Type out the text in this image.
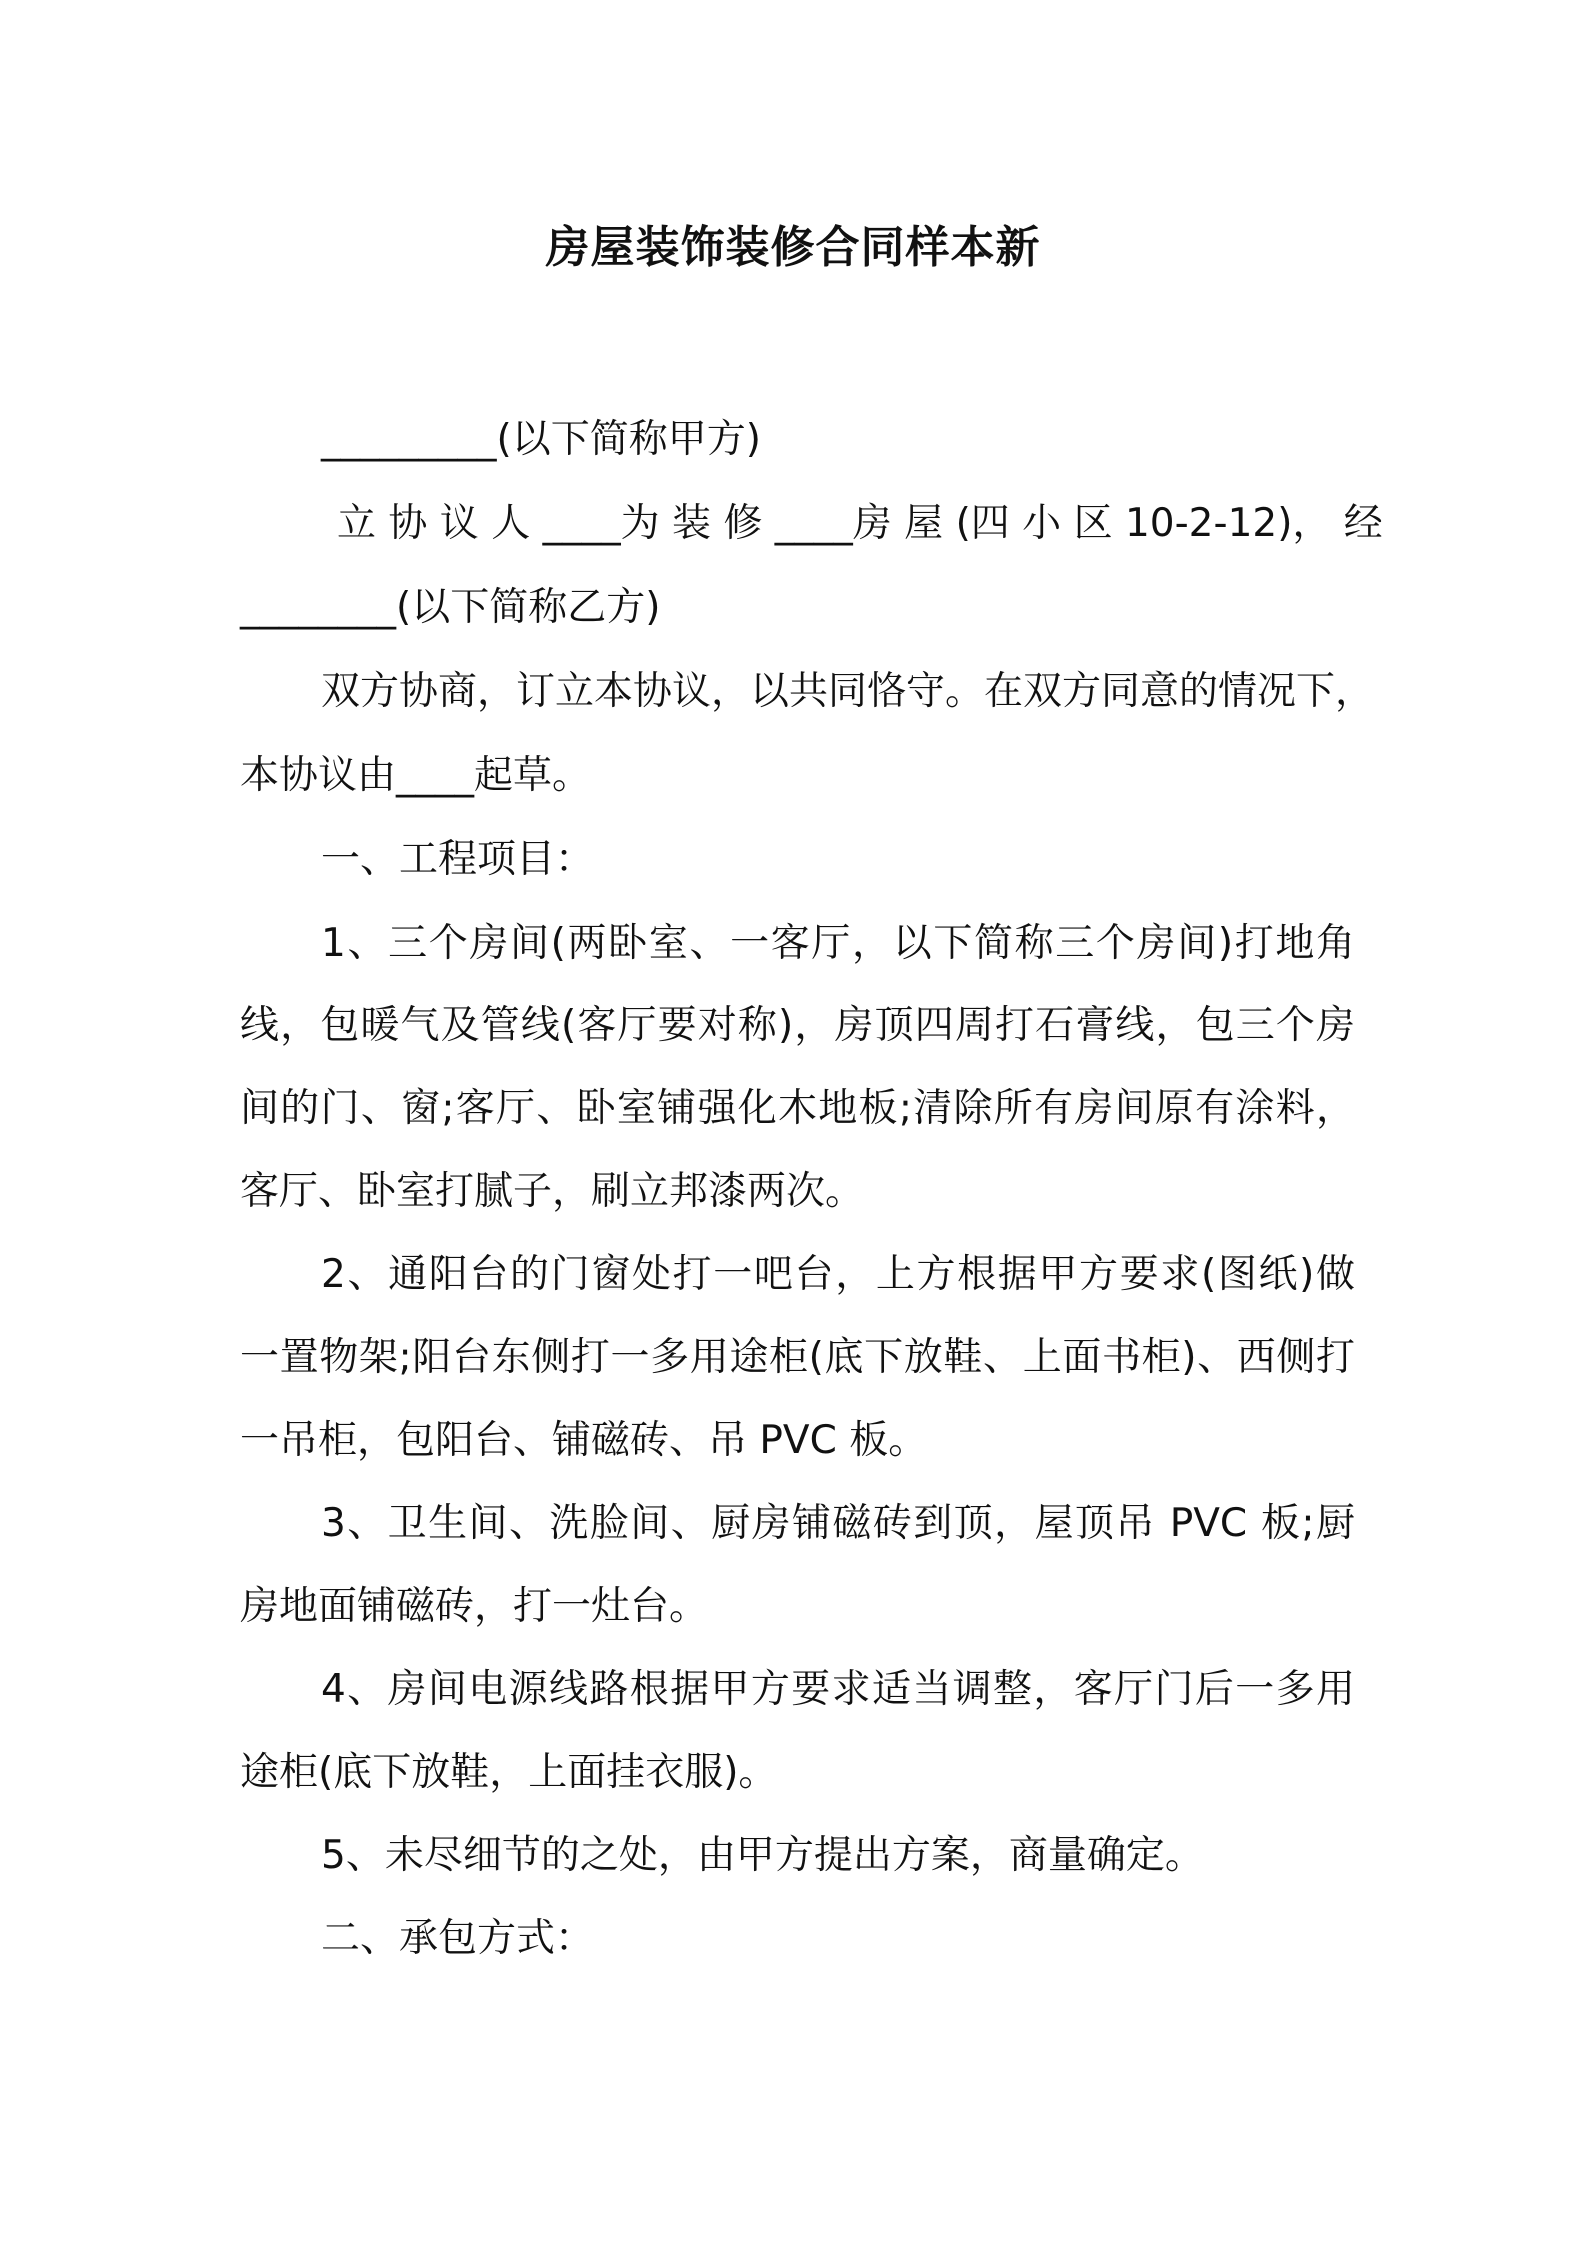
房屋装饰装修合同样本新

_________(以下简称甲方)

立 协 议 人 ____为 装 修 ____房 屋 (四 小 区 10-2-12)， 经

________(以下简称乙方)

双方协商，订立本协议，以共同恪守。在双方同意的情况下，

本协议由____起草。

一、工程项目：

1、三个房间(两卧室、一客厅，以下简称三个房间)打地角

线，包暖气及管线(客厅要对称)，房顶四周打石膏线，包三个房

间的门、窗;客厅、卧室铺强化木地板;清除所有房间原有涂料，

客厅、卧室打腻子，刷立邦漆两次。

2、通阳台的门窗处打一吧台，上方根据甲方要求(图纸)做

一置物架;阳台东侧打一多用途柜(底下放鞋、上面书柜)、西侧打

一吊柜，包阳台、铺磁砖、吊 PVC 板。

3、卫生间、洗脸间、厨房铺磁砖到顶，屋顶吊 PVC 板;厨

房地面铺磁砖，打一灶台。

4、房间电源线路根据甲方要求适当调整，客厅门后一多用

途柜(底下放鞋，上面挂衣服)。

5、未尽细节的之处，由甲方提出方案，商量确定。

二、承包方式：
